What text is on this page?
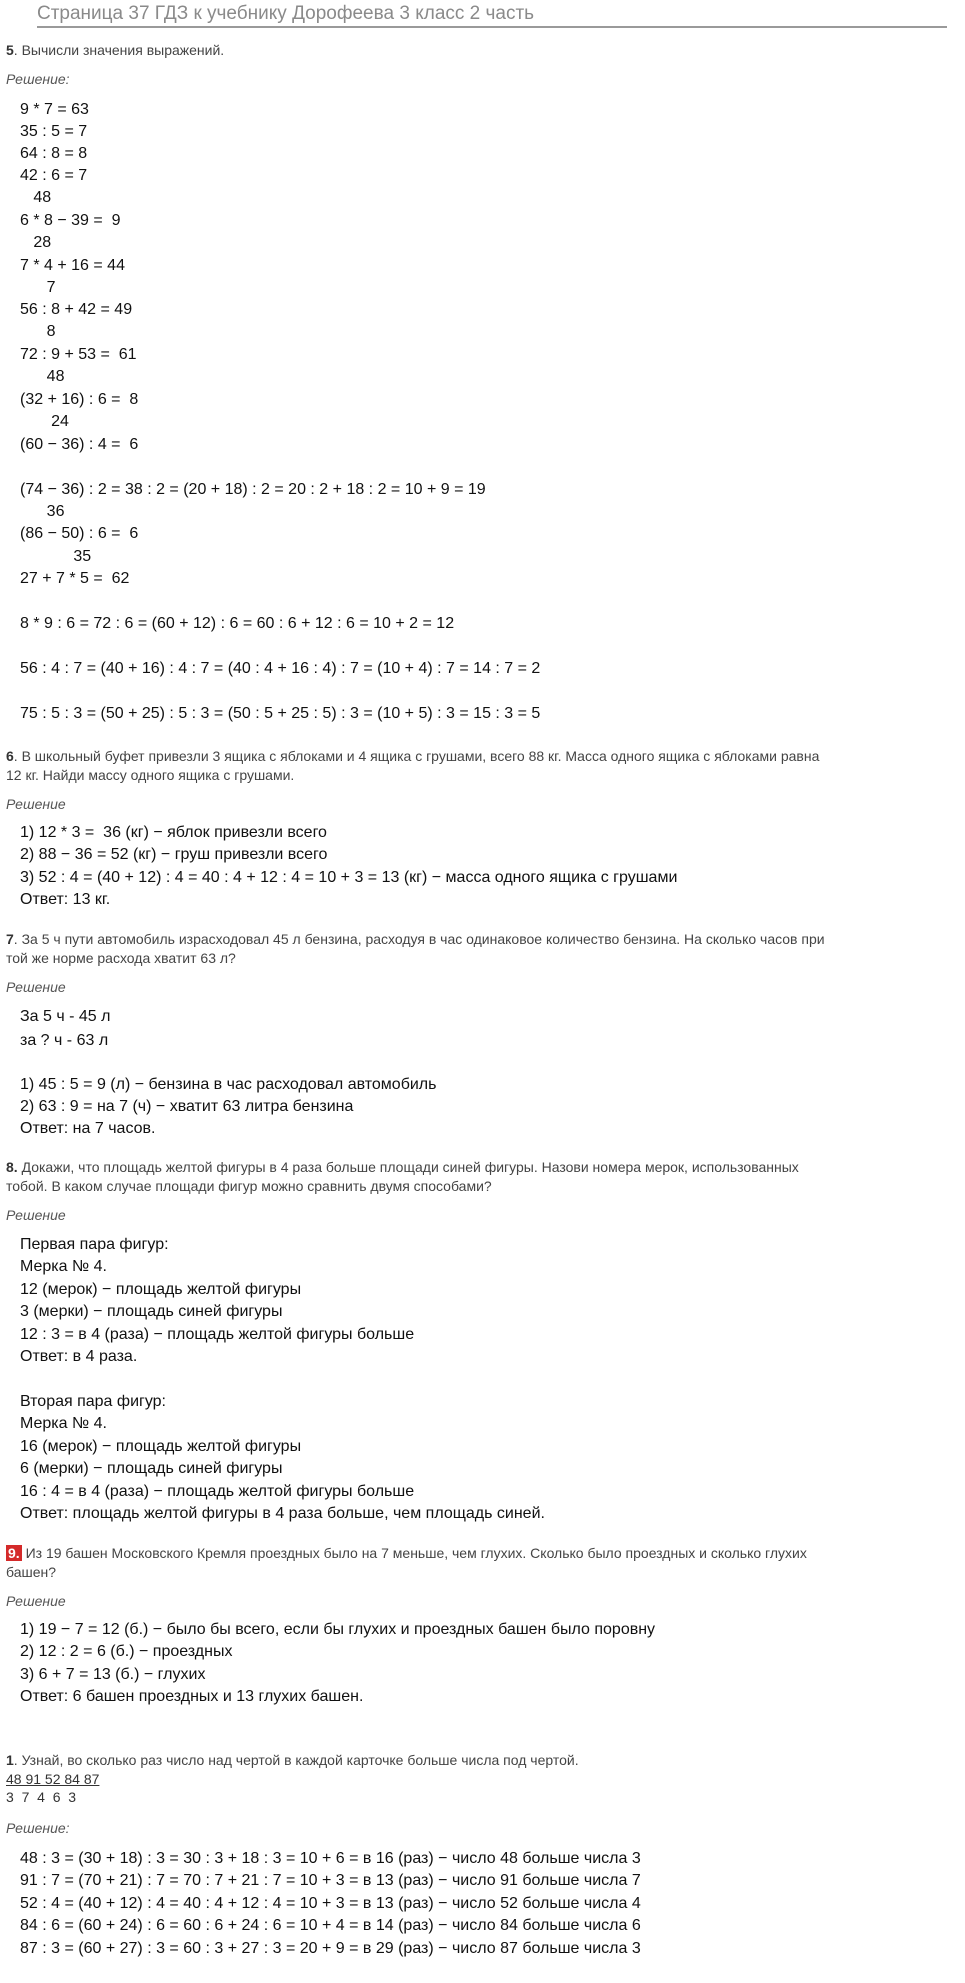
Страница 37 ГДЗ к учебнику Дорофеева 3 класс 2 часть
5. Вычисли значения выражений.
Решение:
9 * 7 = 63
35 : 5 = 7
64 : 8 = 8
42 : 6 = 7
48
6 * 8 − 39 =  9
28
7 * 4 + 16 = 44
7
56 : 8 + 42 = 49
8
72 : 9 + 53 =  61
48
(32 + 16) : 6 =  8
24
(60 − 36) : 4 =  6
(74 − 36) : 2 = 38 : 2 = (20 + 18) : 2 = 20 : 2 + 18 : 2 = 10 + 9 = 19
36
(86 − 50) : 6 =  6
35
27 + 7 * 5 =  62
8 * 9 : 6 = 72 : 6 = (60 + 12) : 6 = 60 : 6 + 12 : 6 = 10 + 2 = 12
56 : 4 : 7 = (40 + 16) : 4 : 7 = (40 : 4 + 16 : 4) : 7 = (10 + 4) : 7 = 14 : 7 = 2
75 : 5 : 3 = (50 + 25) : 5 : 3 = (50 : 5 + 25 : 5) : 3 = (10 + 5) : 3 = 15 : 3 = 5
6. В школьный буфет привезли 3 ящика с яблоками и 4 ящика с грушами, всего 88 кг. Масса одного ящика с яблоками равна
12 кг. Найди массу одного ящика с грушами.
Решение
1) 12 * 3 =  36 (кг) − яблок привезли всего
2) 88 − 36 = 52 (кг) − груш привезли всего
3) 52 : 4 = (40 + 12) : 4 = 40 : 4 + 12 : 4 = 10 + 3 = 13 (кг) − масса одного ящика с грушами
Ответ: 13 кг.
7. За 5 ч пути автомобиль израсходовал 45 л бензина, расходуя в час одинаковое количество бензина. На сколько часов при
той же норме расхода хватит 63 л?
Решение
За 5 ч - 45 л
за ? ч - 63 л
1) 45 : 5 = 9 (л) − бензина в час расходовал автомобиль
2) 63 : 9 = на 7 (ч) − хватит 63 литра бензина
Ответ: на 7 часов.
8. Докажи, что площадь желтой фигуры в 4 раза больше площади синей фигуры. Назови номера мерок, использованных
тобой. В каком случае площади фигур можно сравнить двумя способами?
Решение
Первая пара фигур:
Мерка № 4.
12 (мерок) − площадь желтой фигуры
3 (мерки) − площадь синей фигуры
12 : 3 = в 4 (раза) − площадь желтой фигуры больше
Ответ: в 4 раза.
Вторая пара фигур:
Мерка № 4.
16 (мерок) − площадь желтой фигуры
6 (мерки) − площадь синей фигуры
16 : 4 = в 4 (раза) − площадь желтой фигуры больше
Ответ: площадь желтой фигуры в 4 раза больше, чем площадь синей.
9. Из 19 башен Московского Кремля проездных было на 7 меньше, чем глухих. Сколько было проездных и сколько глухих
башен?
Решение
1) 19 − 7 = 12 (б.) − было бы всего, если бы глухих и проездных башен было поровну
2) 12 : 2 = 6 (б.) − проездных
3) 6 + 7 = 13 (б.) − глухих
Ответ: 6 башен проездных и 13 глухих башен.
1. Узнай, во сколько раз число над чертой в каждой карточке больше числа под чертой.
48 91 52 84 87
3  7  4  6  3
Решение:
48 : 3 = (30 + 18) : 3 = 30 : 3 + 18 : 3 = 10 + 6 = в 16 (раз) − число 48 больше числа 3
91 : 7 = (70 + 21) : 7 = 70 : 7 + 21 : 7 = 10 + 3 = в 13 (раз) − число 91 больше числа 7
52 : 4 = (40 + 12) : 4 = 40 : 4 + 12 : 4 = 10 + 3 = в 13 (раз) − число 52 больше числа 4
84 : 6 = (60 + 24) : 6 = 60 : 6 + 24 : 6 = 10 + 4 = в 14 (раз) − число 84 больше числа 6
87 : 3 = (60 + 27) : 3 = 60 : 3 + 27 : 3 = 20 + 9 = в 29 (раз) − число 87 больше числа 3
